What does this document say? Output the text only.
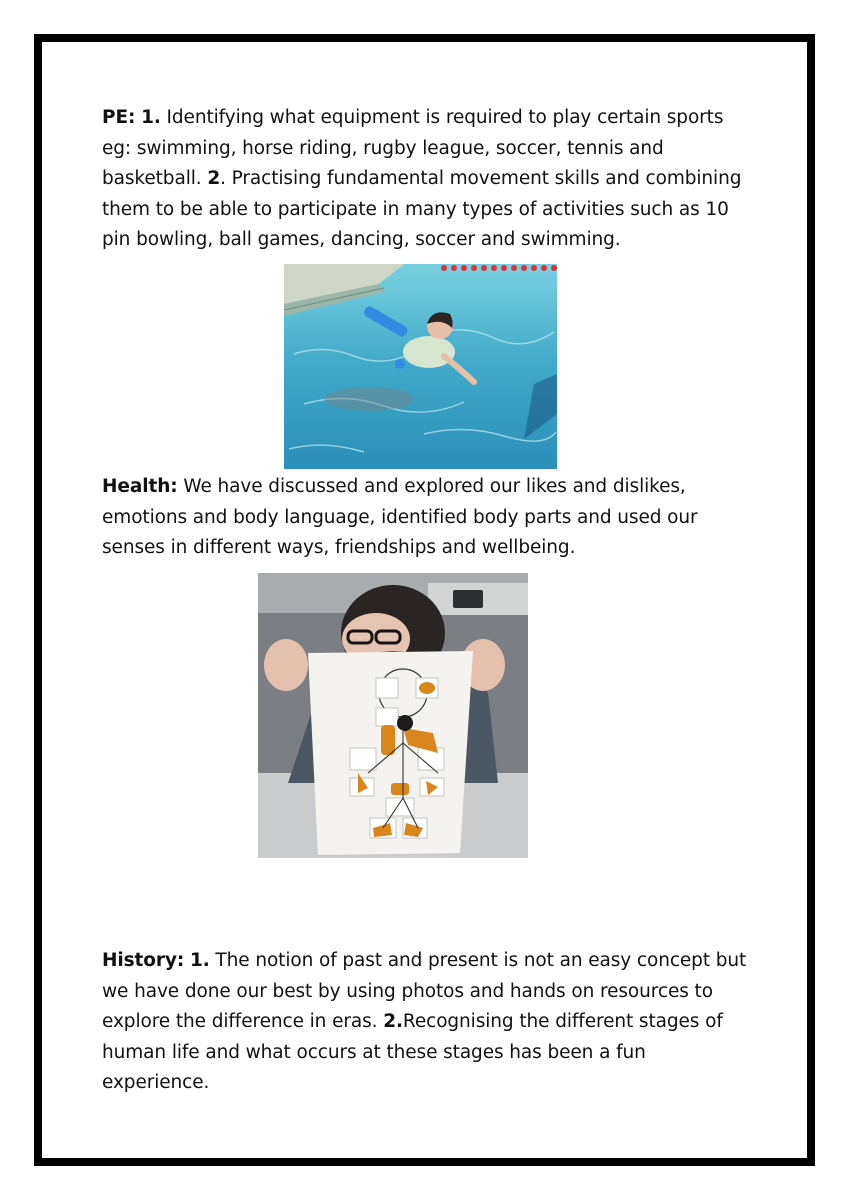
PE: 1. Identifying what equipment is required to play certain sports eg: swimming, horse riding, rugby league, soccer, tennis and basketball. 2. Practising fundamental movement skills and combining them to be able to participate in many types of activities such as 10 pin bowling, ball games, dancing, soccer and swimming.
Health: We have discussed and explored our likes and dislikes, emotions and body language, identified body parts and used our senses in different ways, friendships and wellbeing.
History: 1. The notion of past and present is not an easy concept but we have done our best by using photos and hands on resources to explore the difference in eras. 2.Recognising the different stages of human life and what occurs at these stages has been a fun experience.
